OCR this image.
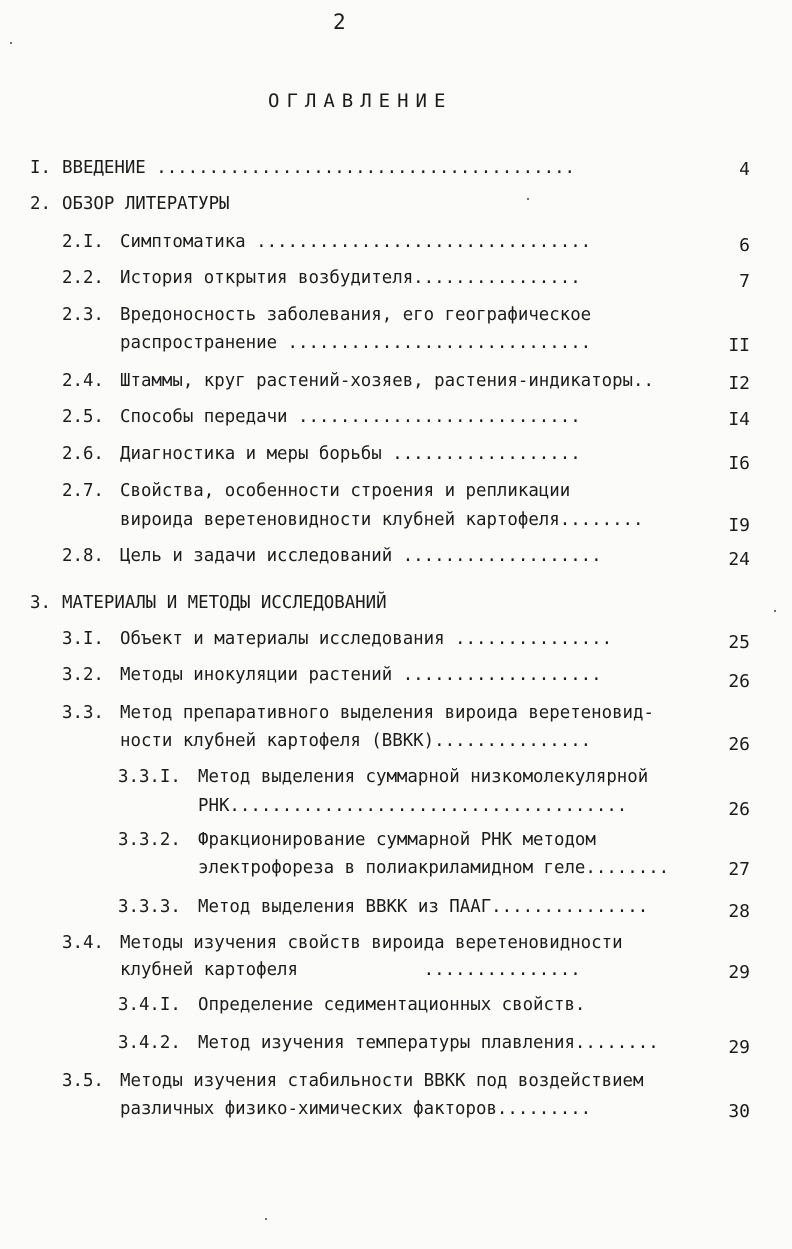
2
ОГЛАВЛЕНИЕ
I. ВВЕДЕНИЕ ........................................	4
2. ОБЗОР ЛИТЕРАТУРЫ
2.I. Симптоматика ................................	6
2.2. История открытия возбудителя................	7
2.3. Вредоносность заболевания, его географическое
распространение .............................	II
2.4. Штаммы, круг растений-хозяев, растения-индикаторы..	I2
2.5. Способы передачи ...........................	I4
2.6. Диагностика и меры борьбы ..................	I6
2.7. Свойства, особенности строения и репликации
вироида веретеновидности клубней картофеля........	I9
2.8. Цель и задачи исследований ...................	24
3. МАТЕРИАЛЫ И МЕТОДЫ ИССЛЕДОВАНИЙ
3.I. Объект и материалы исследования ...............	25
3.2. Методы инокуляции растений ...................	26
3.3. Метод препаративного выделения вироида веретеновид-
ности клубней картофеля (ВВКК)...............	26
3.3.I. Метод выделения суммарной низкомолекулярной
РНК......................................	26
3.3.2. Фракционирование суммарной РНК методом
электрофореза в полиакриламидном геле........	27
3.3.3. Метод выделения ВВКК из ПААГ...............	28
3.4. Методы изучения свойств вироида веретеновидности
клубней картофеля            ...............	29
3.4.I. Определение седиментационных свойств.
3.4.2. Метод изучения температуры плавления........	29
3.5. Методы изучения стабильности ВВКК под воздействием
различных физико-химических факторов.........	30
